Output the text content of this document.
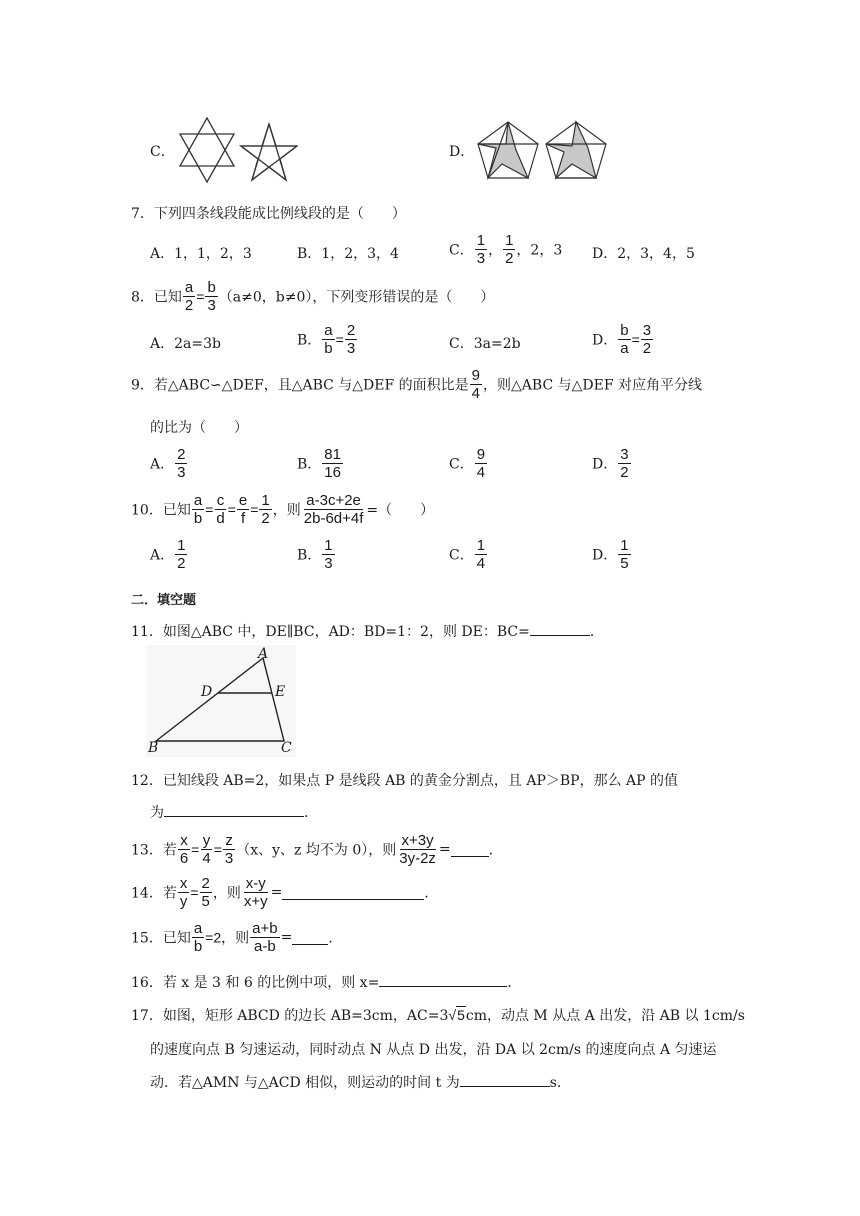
C．	D．
7．下列四条线段能成比例线段的是（　　）
A．1，1，2，3	B．1，2，3，4	C． $\frac{1}{3}$ ， $\frac{1}{2}$ ，2，3 D．2，3，4，5
8．已知 $\frac{a}{2} = \frac{b}{3} (a\ne 0$，b≠0），下列变形错误的是（　　）
A．2a=3b	B． $\frac{a}{b} = \frac{2}{3}$	C．3a=2b	D． $\frac{b}{a} = \frac{3}{2}$
9．若△ABC∽△DEF，且△ABC 与△DEF 的面积比是 $\frac{9}{4}$ ，则△ABC 与△DEF 对应角平分线
的比为（　　）
A． $\frac{2}{3}$	B． $\frac{81}{16}$	C． $\frac{9}{4}$	D． $\frac{3}{2}$
10．已知 $\frac{a}{b} = \frac{c}{d} = \frac{e}{f} = \frac{1}{2}$ ，则 $\frac{a-3c+2e}{2b-6d+4f}$ =（　　）
A． $\frac{1}{2}$	B． $\frac{1}{3}$	C． $\frac{1}{4}$	D． $\frac{1}{5}$
二．填空题
11．如图△ABC 中，DE∥BC，AD：BD=1：2，则 DE：BC=	．
A
D	E
B	C
12．已知线段 AB=2，如果点 P 是线段 AB 的黄金分割点，且 AP＞BP，那么 AP 的值
为	．
13．若 $\frac{x}{6} = \frac{y}{4} = \frac{z}{3} (x$、y、z 均不为 0），则 $\frac{x+3y}{3y-2z}$ =	．
14．若 $\frac{x}{y} = \frac{2}{5}$ ，则 $\frac{x-y}{x+y}$ =	．
15．已知 $\frac{a}{b} =2$，则 $\frac{a+b}{a-b}$ =	．
16．若 x 是 3 和 6 的比例中项，则 x=	．
17．如图，矩形 ABCD 的边长 AB=3cm，AC=3√5cm，动点 M 从点 A 出发，沿 AB 以 1cm/s
的速度向点 B 匀速运动，同时动点 N 从点 D 出发，沿 DA 以 2cm/s 的速度向点 A 匀速运
动．若△AMN 与△ACD 相似，则运动的时间 t 为	s．
